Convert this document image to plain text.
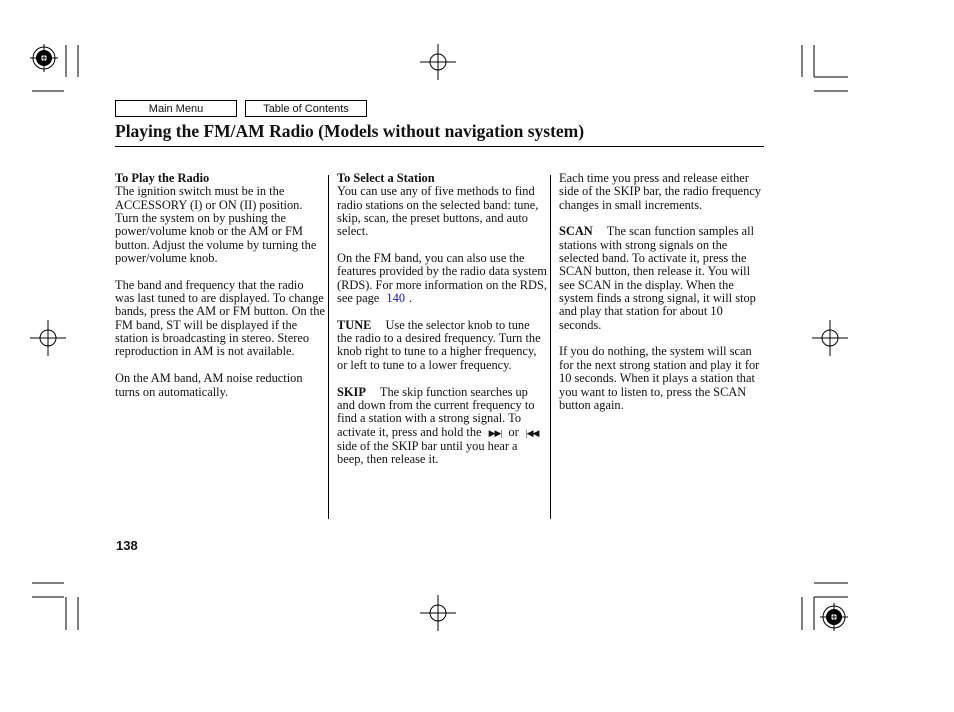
Main Menu	Table of Contents
Playing the FM/AM Radio (Models without navigation system)

To Play the Radio
The ignition switch must be in the ACCESSORY (I) or ON (II) position. Turn the system on by pushing the power/volume knob or the AM or FM button. Adjust the volume by turning the power/volume knob.

The band and frequency that the radio was last tuned to are displayed. To change bands, press the AM or FM button. On the FM band, ST will be displayed if the station is broadcasting in stereo. Stereo reproduction in AM is not available.

On the AM band, AM noise reduction turns on automatically.

To Select a Station
You can use any of five methods to find radio stations on the selected band: tune, skip, scan, the preset buttons, and auto select.

On the FM band, you can also use the features provided by the radio data system (RDS). For more information on the RDS, see page 140 .

TUNE Use the selector knob to tune the radio to a desired frequency. Turn the knob right to tune to a higher frequency, or left to tune to a lower frequency.

SKIP The skip function searches up and down from the current frequency to find a station with a strong signal. To activate it, press and hold the ▶▶| or |◀◀ side of the SKIP bar until you hear a beep, then release it.

Each time you press and release either side of the SKIP bar, the radio frequency changes in small increments.

SCAN The scan function samples all stations with strong signals on the selected band. To activate it, press the SCAN button, then release it. You will see SCAN in the display. When the system finds a strong signal, it will stop and play that station for about 10 seconds.

If you do nothing, the system will scan for the next strong station and play it for 10 seconds. When it plays a station that you want to listen to, press the SCAN button again.

138
